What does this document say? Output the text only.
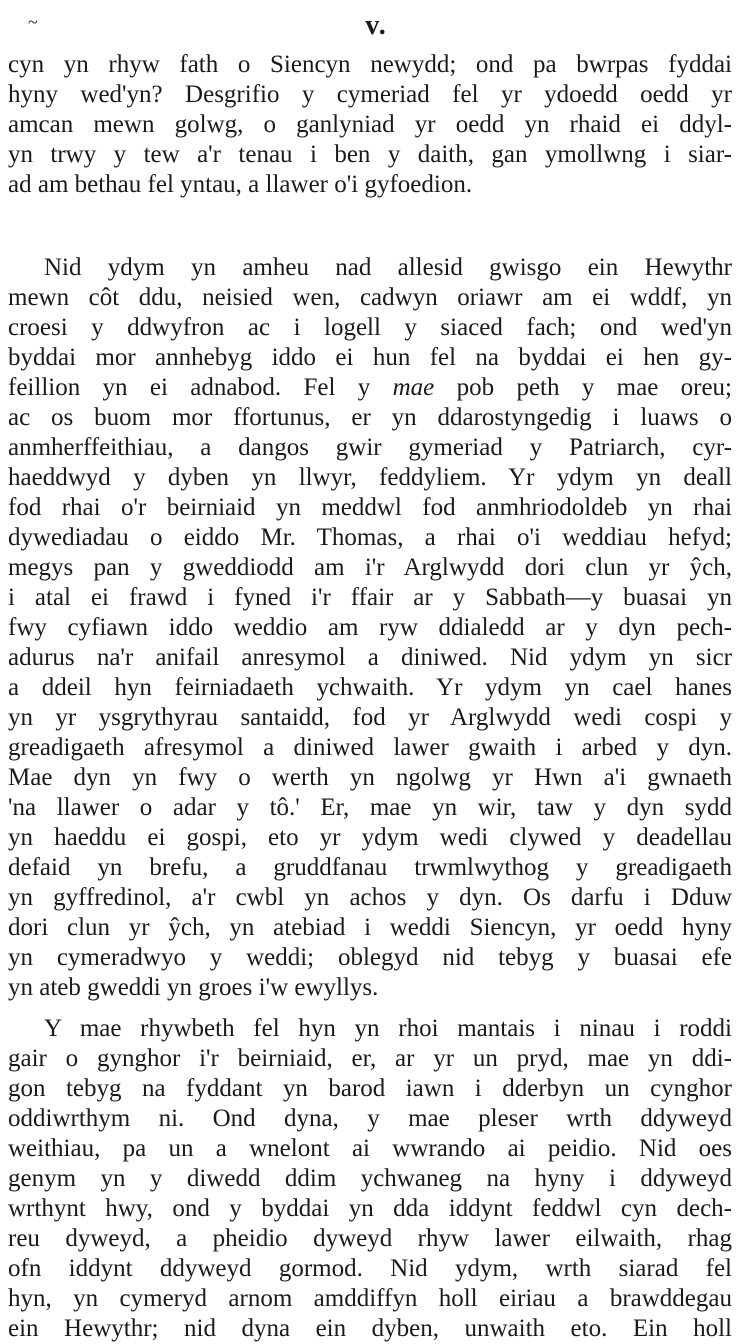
~	v.
cyn yn rhyw fath o Siencyn newydd; ond pa bwrpas fyddai
hyny wed'yn? Desgrifio y cymeriad fel yr ydoedd oedd yr
amcan mewn golwg, o ganlyniad yr oedd yn rhaid ei ddyl-
yn trwy y tew a'r tenau i ben y daith, gan ymollwng i siar-
ad am bethau fel yntau, a llawer o'i gyfoedion.
Nid ydym yn amheu nad allesid gwisgo ein Hewythr
mewn côt ddu, neisied wen, cadwyn oriawr am ei wddf, yn
croesi y ddwyfron ac i logell y siaced fach; ond wed'yn
byddai mor annhebyg iddo ei hun fel na byddai ei hen gy-
feillion yn ei adnabod. Fel y mae pob peth y mae oreu;
ac os buom mor ffortunus, er yn ddarostyngedig i luaws o
anmherffeithiau, a dangos gwir gymeriad y Patriarch, cyr-
haeddwyd y dyben yn llwyr, feddyliem. Yr ydym yn deall
fod rhai o'r beirniaid yn meddwl fod anmhriodoldeb yn rhai
dywediadau o eiddo Mr. Thomas, a rhai o'i weddiau hefyd;
megys pan y gweddiodd am i'r Arglwydd dori clun yr ŷch,
i atal ei frawd i fyned i'r ffair ar y Sabbath—y buasai yn
fwy cyfiawn iddo weddio am ryw ddialedd ar y dyn pech-
adurus na'r anifail anresymol a diniwed. Nid ydym yn sicr
a ddeil hyn feirniadaeth ychwaith. Yr ydym yn cael hanes
yn yr ysgrythyrau santaidd, fod yr Arglwydd wedi cospi y
greadigaeth afresymol a diniwed lawer gwaith i arbed y dyn.
Mae dyn yn fwy o werth yn ngolwg yr Hwn a'i gwnaeth
'na llawer o adar y tô.' Er, mae yn wir, taw y dyn sydd
yn haeddu ei gospi, eto yr ydym wedi clywed y deadellau
defaid yn brefu, a gruddfanau trwmlwythog y greadigaeth
yn gyffredinol, a'r cwbl yn achos y dyn. Os darfu i Dduw
dori clun yr ŷch, yn atebiad i weddi Siencyn, yr oedd hyny
yn cymeradwyo y weddi; oblegyd nid tebyg y buasai efe
yn ateb gweddi yn groes i'w ewyllys.
Y mae rhywbeth fel hyn yn rhoi mantais i ninau i roddi
gair o gynghor i'r beirniaid, er, ar yr un pryd, mae yn ddi-
gon tebyg na fyddant yn barod iawn i dderbyn un cynghor
oddiwrthym ni. Ond dyna, y mae pleser wrth ddyweyd
weithiau, pa un a wnelont ai wwrando ai peidio. Nid oes
genym yn y diwedd ddim ychwaneg na hyny i ddyweyd
wrthynt hwy, ond y byddai yn dda iddynt feddwl cyn dech-
reu dyweyd, a pheidio dyweyd rhyw lawer eilwaith, rhag
ofn iddynt ddyweyd gormod. Nid ydym, wrth siarad fel
hyn, yn cymeryd arnom amddiffyn holl eiriau a brawddegau
ein Hewythr; nid dyna ein dyben, unwaith eto. Ein holl
